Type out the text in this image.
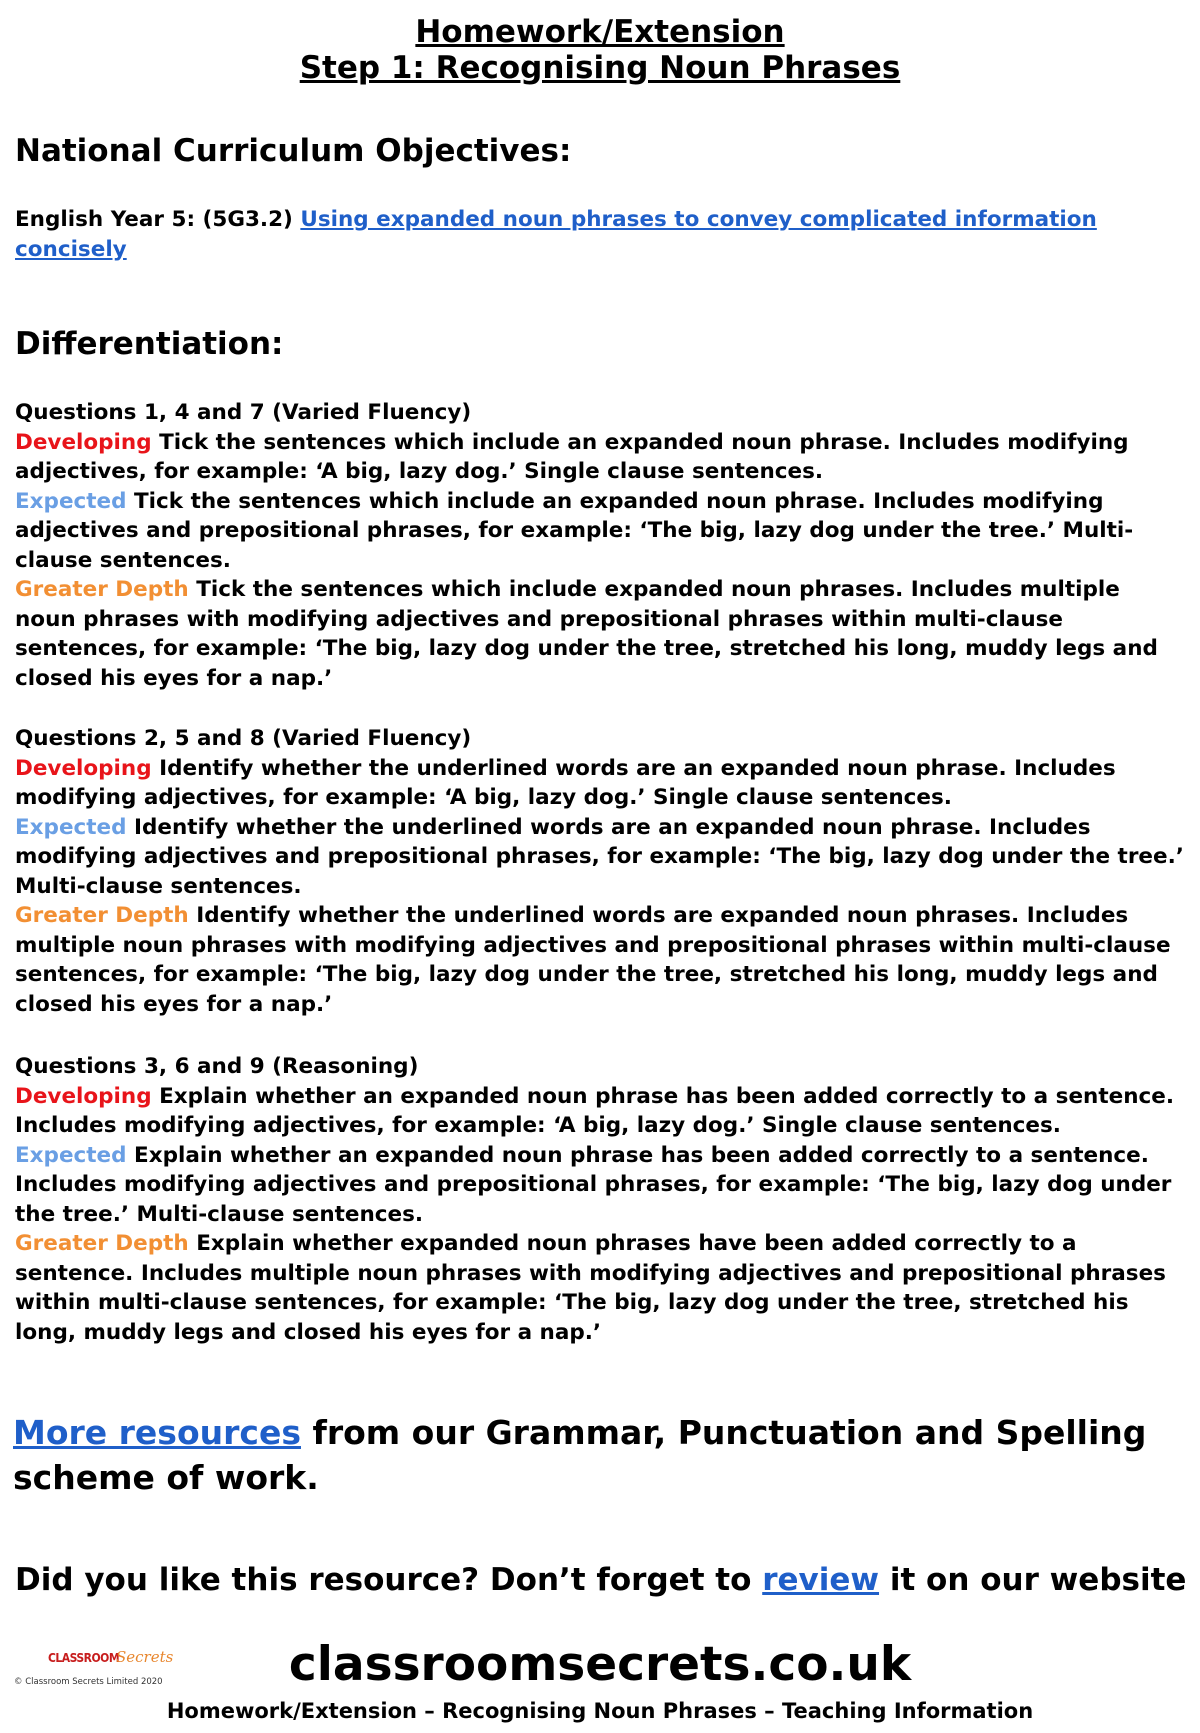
Homework/Extension
Step 1: Recognising Noun Phrases
National Curriculum Objectives:
English Year 5: (5G3.2) Using expanded noun phrases to convey complicated information concisely
Differentiation:

Questions 1, 4 and 7 (Varied Fluency)

Developing Tick the sentences which include an expanded noun phrase. Includes modifying adjectives, for example: ‘A big, lazy dog.’ Single clause sentences.

Expected Tick the sentences which include an expanded noun phrase. Includes modifying adjectives and prepositional phrases, for example: ‘The big, lazy dog under the tree.’ Multi-clause sentences.

Greater Depth Tick the sentences which include expanded noun phrases. Includes multiple noun phrases with modifying adjectives and prepositional phrases within multi-clause sentences, for example: ‘The big, lazy dog under the tree, stretched his long, muddy legs and closed his eyes for a nap.’

Questions 2, 5 and 8 (Varied Fluency)

Developing Identify whether the underlined words are an expanded noun phrase. Includes modifying adjectives, for example: ‘A big, lazy dog.’ Single clause sentences.

Expected Identify whether the underlined words are an expanded noun phrase. Includes modifying adjectives and prepositional phrases, for example: ‘The big, lazy dog under the tree.’ Multi-clause sentences.

Greater Depth Identify whether the underlined words are expanded noun phrases. Includes multiple noun phrases with modifying adjectives and prepositional phrases within multi-clause sentences, for example: ‘The big, lazy dog under the tree, stretched his long, muddy legs and closed his eyes for a nap.’

Questions 3, 6 and 9 (Reasoning)

Developing Explain whether an expanded noun phrase has been added correctly to a sentence. Includes modifying adjectives, for example: ‘A big, lazy dog.’ Single clause sentences.

Expected Explain whether an expanded noun phrase has been added correctly to a sentence. Includes modifying adjectives and prepositional phrases, for example: ‘The big, lazy dog under the tree.’ Multi-clause sentences.

Greater Depth Explain whether expanded noun phrases have been added correctly to a sentence. Includes multiple noun phrases with modifying adjectives and prepositional phrases within multi-clause sentences, for example: ‘The big, lazy dog under the tree, stretched his long, muddy legs and closed his eyes for a nap.’

More resources from our Grammar, Punctuation and Spelling scheme of work.
Did you like this resource? Don’t forget to review it on our website
CLASSROOM
Secrets
© Classroom Secrets Limited 2020	classroomsecrets.co.uk
Homework/Extension – Recognising Noun Phrases – Teaching Information
